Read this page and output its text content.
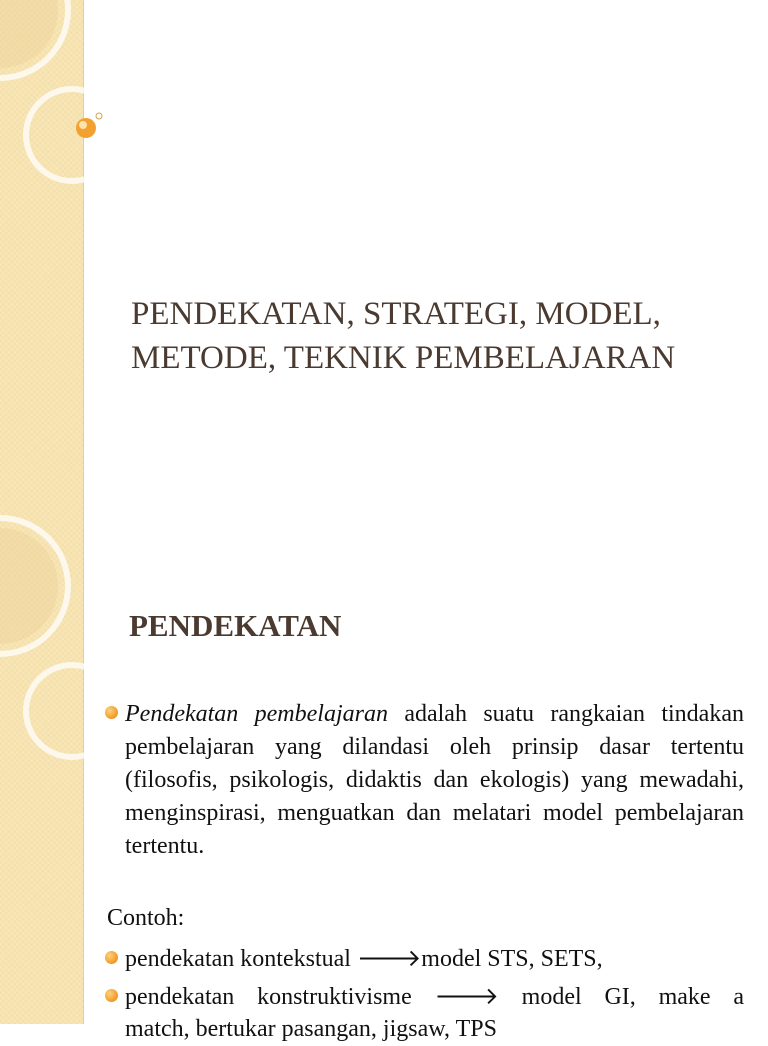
PENDEKATAN, STRATEGI, MODEL,
METODE, TEKNIK PEMBELAJARAN
PENDEKATAN
Pendekatan pembelajaran adalah suatu rangkaian tindakan pembelajaran yang dilandasi oleh prinsip dasar tertentu (filosofis, psikologis, didaktis dan ekologis) yang mewadahi, menginspirasi, menguatkan dan melatari model pembelajaran tertentu.

Contoh:

pendekatan kontekstual 🡒model STS, SETS,
pendekatan konstruktivisme 🡒 model GI, make a
match, bertukar pasangan, jigsaw, TPS
